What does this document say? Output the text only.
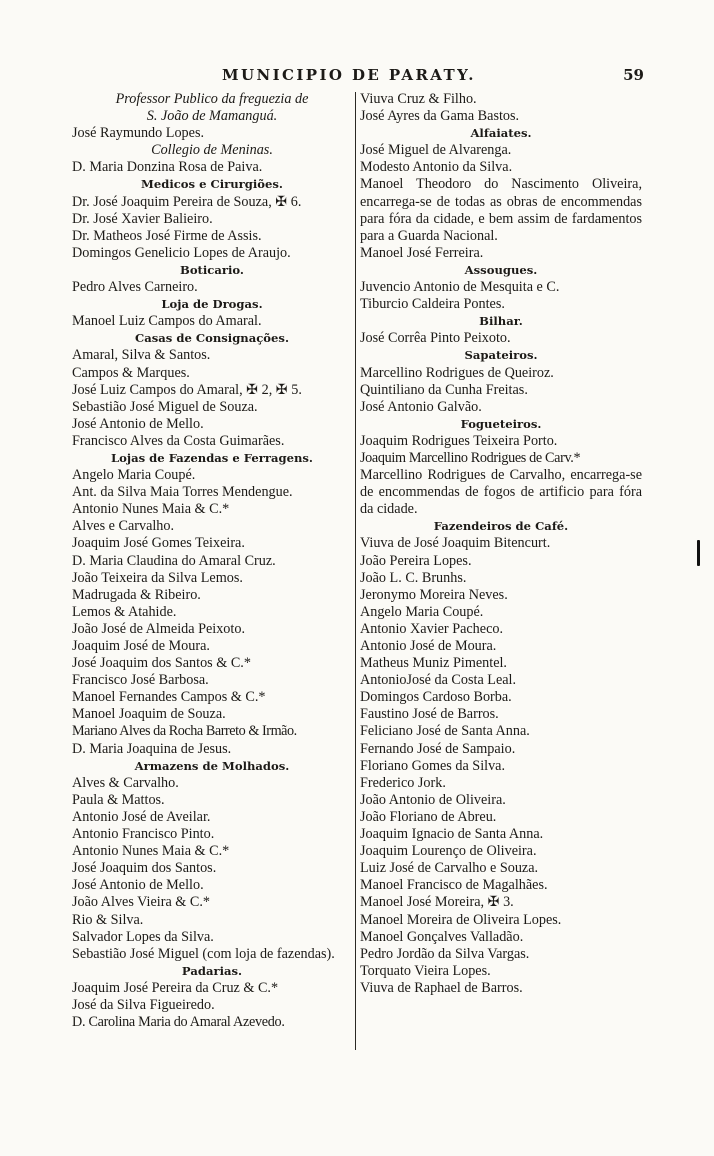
MUNICIPIO DE PARATY.	59
Professor Publico da freguezia de
S. João de Mamanguá.
José Raymundo Lopes.
Collegio de Meninas.
D. Maria Donzina Rosa de Paiva.
Medicos e Cirurgiões.
Dr. José Joaquim Pereira de Souza, ✠ 6.
Dr. José Xavier Balieiro.
Dr. Matheos José Firme de Assis.
Domingos Genelicio Lopes de Araujo.
Boticario.
Pedro Alves Carneiro.
Loja de Drogas.
Manoel Luiz Campos do Amaral.
Casas de Consignações.
Amaral, Silva & Santos.
Campos & Marques.
José Luiz Campos do Amaral, ✠ 2, ✠ 5.
Sebastião José Miguel de Souza.
José Antonio de Mello.
Francisco Alves da Costa Guimarães.
Lojas de Fazendas e Ferragens.
Angelo Maria Coupé.
Ant. da Silva Maia Torres Mendengue.
Antonio Nunes Maia & C.*
Alves e Carvalho.
Joaquim José Gomes Teixeira.
D. Maria Claudina do Amaral Cruz.
João Teixeira da Silva Lemos.
Madrugada & Ribeiro.
Lemos & Atahide.
João José de Almeida Peixoto.
Joaquim José de Moura.
José Joaquim dos Santos & C.*
Francisco José Barbosa.
Manoel Fernandes Campos & C.*
Manoel Joaquim de Souza.
Mariano Alves da Rocha Barreto & Irmão.
D. Maria Joaquina de Jesus.
Armazens de Molhados.
Alves & Carvalho.
Paula & Mattos.
Antonio José de Aveilar.
Antonio Francisco Pinto.
Antonio Nunes Maia & C.*
José Joaquim dos Santos.
José Antonio de Mello.
João Alves Vieira & C.*
Rio & Silva.
Salvador Lopes da Silva.
Sebastião José Miguel (com loja de fazendas).
Padarias.
Joaquim José Pereira da Cruz & C.*
José da Silva Figueiredo.
D. Carolina Maria do Amaral Azevedo.
Viuva Cruz & Filho.
José Ayres da Gama Bastos.
Alfaiates.
José Miguel de Alvarenga.
Modesto Antonio da Silva.
Manoel Theodoro do Nascimento Oliveira, encarrega-se de todas as obras de encommendas para fóra da cidade, e bem assim de fardamentos para a Guarda Nacional.
Manoel José Ferreira.
Assougues.
Juvencio Antonio de Mesquita e C.
Tiburcio Caldeira Pontes.
Bilhar.
José Corrêa Pinto Peixoto.
Sapateiros.
Marcellino Rodrigues de Queiroz.
Quintiliano da Cunha Freitas.
José Antonio Galvão.
Fogueteiros.
Joaquim Rodrigues Teixeira Porto.
Joaquim Marcellino Rodrigues de Carv.*
Marcellino Rodrigues de Carvalho, encarrega-se de encommendas de fogos de artificio para fóra da cidade.
Fazendeiros de Café.
Viuva de José Joaquim Bitencurt.
João Pereira Lopes.
João L. C. Brunhs.
Jeronymo Moreira Neves.
Angelo Maria Coupé.
Antonio Xavier Pacheco.
Antonio José de Moura.
Matheus Muniz Pimentel.
AntonioJosé da Costa Leal.
Domingos Cardoso Borba.
Faustino José de Barros.
Feliciano José de Santa Anna.
Fernando José de Sampaio.
Floriano Gomes da Silva.
Frederico Jork.
João Antonio de Oliveira.
João Floriano de Abreu.
Joaquim Ignacio de Santa Anna.
Joaquim Lourenço de Oliveira.
Luiz José de Carvalho e Souza.
Manoel Francisco de Magalhães.
Manoel José Moreira, ✠ 3.
Manoel Moreira de Oliveira Lopes.
Manoel Gonçalves Valladão.
Pedro Jordão da Silva Vargas.
Torquato Vieira Lopes.
Viuva de Raphael de Barros.
